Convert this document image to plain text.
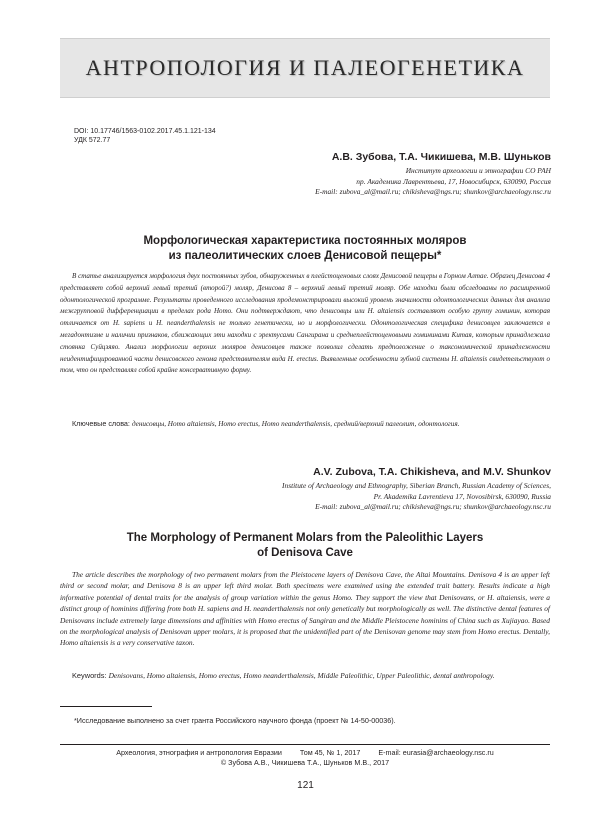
АНТРОПОЛОГИЯ И ПАЛЕОГЕНЕТИКА
DOI: 10.17746/1563-0102.2017.45.1.121-134
УДК 572.77
А.В. Зубова, Т.А. Чикишева, М.В. Шуньков
Институт археологии и этнографии СО РАН
пр. Академика Лаврентьева, 17, Новосибирск, 630090, Россия
E-mail: zubova_al@mail.ru; chikisheva@ngs.ru; shunkov@archaeology.nsc.ru
Морфологическая характеристика постоянных моляров
из палеолитических слоев Денисовой пещеры*
В статье анализируется морфология двух постоянных зубов, обнаруженных в плейстоценовых слоях Денисовой пещеры в Горном Алтае. Образец Денисова 4 представляет собой верхний левый третий (второй?) моляр, Денисова 8 – верхний левый третий моляр. Обе находки были обследованы по расширенной одонтологической программе. Результаты проведенного исследования продемонстрировали высокий уровень значимости одонтологических данных для анализа межгрупповой дифференциации в пределах рода Homo. Они подтверждают, что денисовцы или H. altaiensis составляют особую группу гоминин, которая отличается от H. sapiens и H. neanderthalensis не только генетически, но и морфологически. Одонтологическая специфика денисовцев заключается в мегадонтизме и наличии признаков, сближающих эти находки с эректусами Сангирана и среднеплейстоценовыми гомининами Китая, которым принадлежала стоянка Суйцзяяо. Анализ морфологии верхних моляров денисовцев также позволил сделать предположение о таксономической принадлежности неидентифицированной части денисовского генома представителям вида H. erectus. Выявленные особенности зубной системы H. altaiensis свидетельствуют о том, что он представлял собой крайне консервативную форму.
Ключевые слова: денисовцы, Homo altaiensis, Homo erectus, Homo neanderthalensis, средний/верхний палеолит, одонтология.
A.V. Zubova, T.A. Chikisheva, and M.V. Shunkov
Institute of Archaeology and Ethnography, Siberian Branch, Russian Academy of Sciences,
Pr. Akademika Lavrentieva 17, Novosibirsk, 630090, Russia
E-mail: zubova_al@mail.ru; chikisheva@ngs.ru; shunkov@archaeology.nsc.ru
The Morphology of Permanent Molars from the Paleolithic Layers
of Denisova Cave
The article describes the morphology of two permanent molars from the Pleistocene layers of Denisova Cave, the Altai Mountains. Denisova 4 is an upper left third or second molar, and Denisova 8 is an upper left third molar. Both specimens were examined using the extended trait battery. Results indicate a high informative potential of dental traits for the analysis of group variation within the genus Homo. They support the view that Denisovans, or H. altaiensis, were a distinct group of hominins differing from both H. sapiens and H. neanderthalensis not only genetically but morphologically as well. The distinctive dental features of Denisovans include extremely large dimensions and affinities with Homo erectus of Sangiran and the Middle Pleistocene hominins of China such as Xujiayao. Based on the morphological analysis of Denisovan upper molars, it is proposed that the unidentified part of the Denisovan genome may stem from Homo erectus. Dentally, Homo altaiensis is a very conservative taxon.
Keywords: Denisovans, Homo altaiensis, Homo erectus, Homo neanderthalensis, Middle Paleolithic, Upper Paleolithic, dental anthropology.
*Исследование выполнено за счет гранта Российского научного фонда (проект № 14-50-00036).
Археология, этнография и антропология Евразии	Том 45, № 1, 2017	E-mail: eurasia@archaeology.nsc.ru
© Зубова А.В., Чикишева Т.А., Шуньков М.В., 2017
121
